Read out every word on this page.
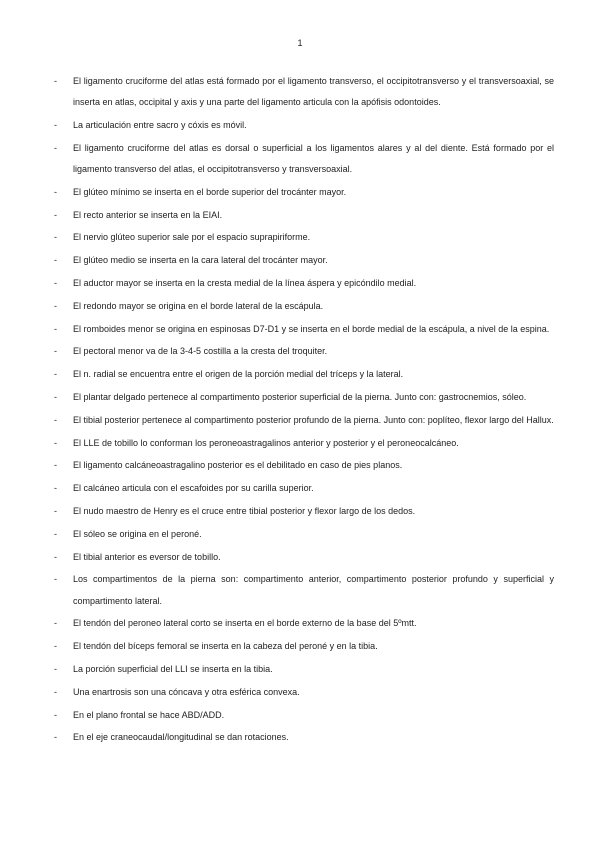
1
-	El ligamento cruciforme del atlas está formado por el ligamento transverso, el occipitotransverso y el transversoaxial, se inserta en atlas, occipital y axis y una parte del ligamento articula con la apófisis odontoides.
-	La articulación entre sacro y cóxis es móvil.
-	El ligamento cruciforme del atlas es dorsal o superficial a los ligamentos alares y al del diente. Está formado por el ligamento transverso del atlas, el occipitotransverso y transversoaxial.
-	El glúteo mínimo se inserta en el borde superior del trocánter mayor.
-	El recto anterior se inserta en la EIAI.
-	El nervio glúteo superior sale por el espacio suprapiriforme.
-	El glúteo medio se inserta en la cara lateral del trocánter mayor.
-	El aductor mayor se inserta en la cresta medial de la línea áspera y epicóndilo medial.
-	El redondo mayor se origina en el borde lateral de la escápula.
-	El romboides menor se origina en espinosas D7-D1 y se inserta en el borde medial de la escápula, a nivel de la espina.
-	El pectoral menor va de la 3-4-5 costilla a la cresta del troquiter.
-	El n. radial se encuentra entre el origen de la porción medial del tríceps y la lateral.
-	El plantar delgado pertenece al compartimento posterior superficial de la pierna. Junto con: gastrocnemios, sóleo.
-	El tibial posterior pertenece al compartimento posterior profundo de la pierna. Junto con: poplíteo, flexor largo del Hallux.
-	El LLE de tobillo lo conforman los peroneoastragalinos anterior y posterior y el peroneocalcáneo.
-	El ligamento calcáneoastragalino posterior es el debilitado en caso de pies planos.
-	El calcáneo articula con el escafoides por su carilla superior.
-	El nudo maestro de Henry es el cruce entre tibial posterior y flexor largo de los dedos.
-	El sóleo se origina en el peroné.
-	El tibial anterior es eversor de tobillo.
-	Los compartimentos de la pierna son: compartimento anterior, compartimento posterior profundo y superficial y compartimento lateral.
-	El tendón del peroneo lateral corto se inserta en el borde externo de la base del 5ºmtt.
-	El tendón del bíceps femoral se inserta en la cabeza del peroné y en la tibia.
-	La porción superficial del LLI se inserta en la tibia.
-	Una enartrosis son una cóncava y otra esférica convexa.
-	En el plano frontal se hace ABD/ADD.
-	En el eje craneocaudal/longitudinal se dan rotaciones.
